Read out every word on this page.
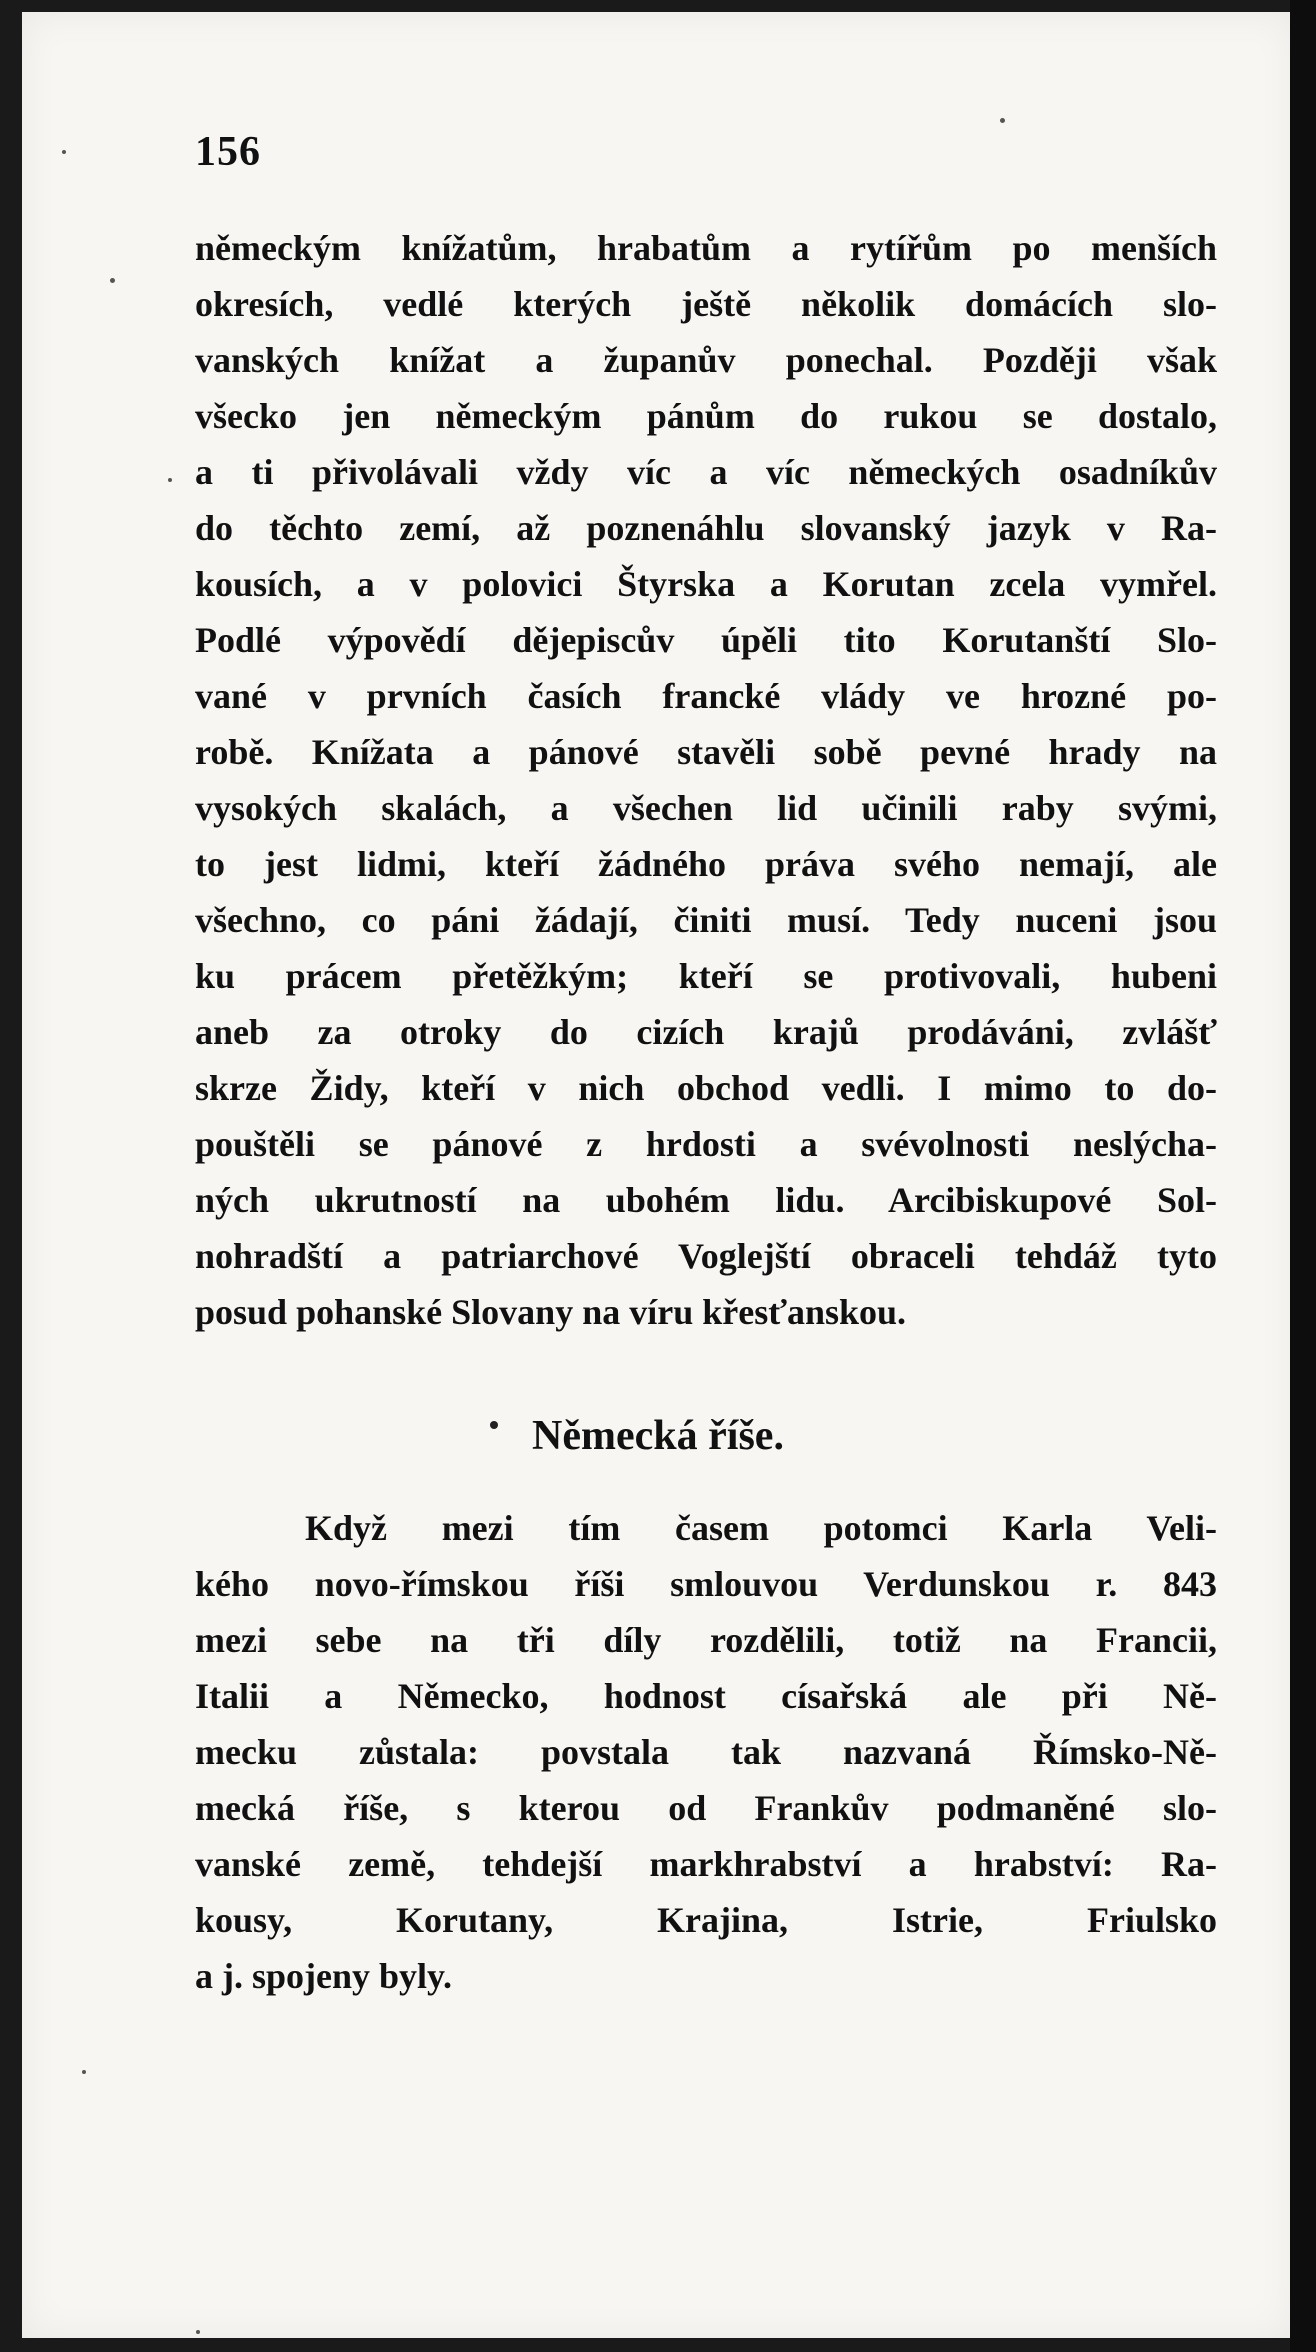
156
německým knížatům, hrabatům a rytířům po menších
okresích, vedlé kterých ještě několik domácích slo-
vanských knížat a županův ponechal. Později však
všecko jen německým pánům do rukou se dostalo,
a ti přivolávali vždy víc a víc německých osadníkův
do těchto zemí, až poznenáhlu slovanský jazyk v Ra-
kousích, a v polovici Štyrska a Korutan zcela vymřel.
Podlé výpovědí dějepiscův úpěli tito Korutanští Slo-
vané v prvních časích francké vlády ve hrozné po-
robě. Knížata a pánové stavěli sobě pevné hrady na
vysokých skalách, a všechen lid učinili raby svými,
to jest lidmi, kteří žádného práva svého nemají, ale
všechno, co páni žádají, činiti musí. Tedy nuceni jsou
ku prácem přetěžkým; kteří se protivovali, hubeni
aneb za otroky do cizích krajů prodáváni, zvlášť
skrze Židy, kteří v nich obchod vedli. I mimo to do-
pouštěli se pánové z hrdosti a svévolnosti neslýcha-
ných ukrutností na ubohém lidu. Arcibiskupové Sol-
nohradští a patriarchové Voglejští obraceli tehdáž tyto
posud pohanské Slovany na víru křesťanskou.
Německá říše.
Když mezi tím časem potomci Karla Veli-
kého novo-římskou říši smlouvou Verdunskou r. 843
mezi sebe na tři díly rozdělili, totiž na Francii,
Italii a Německo, hodnost císařská ale při Ně-
mecku zůstala: povstala tak nazvaná Římsko-Ně-
mecká říše, s kterou od Frankův podmaněné slo-
vanské země, tehdejší markhrabství a hrabství: Ra-
kousy, Korutany, Krajina, Istrie, Friulsko
a j. spojeny byly.
